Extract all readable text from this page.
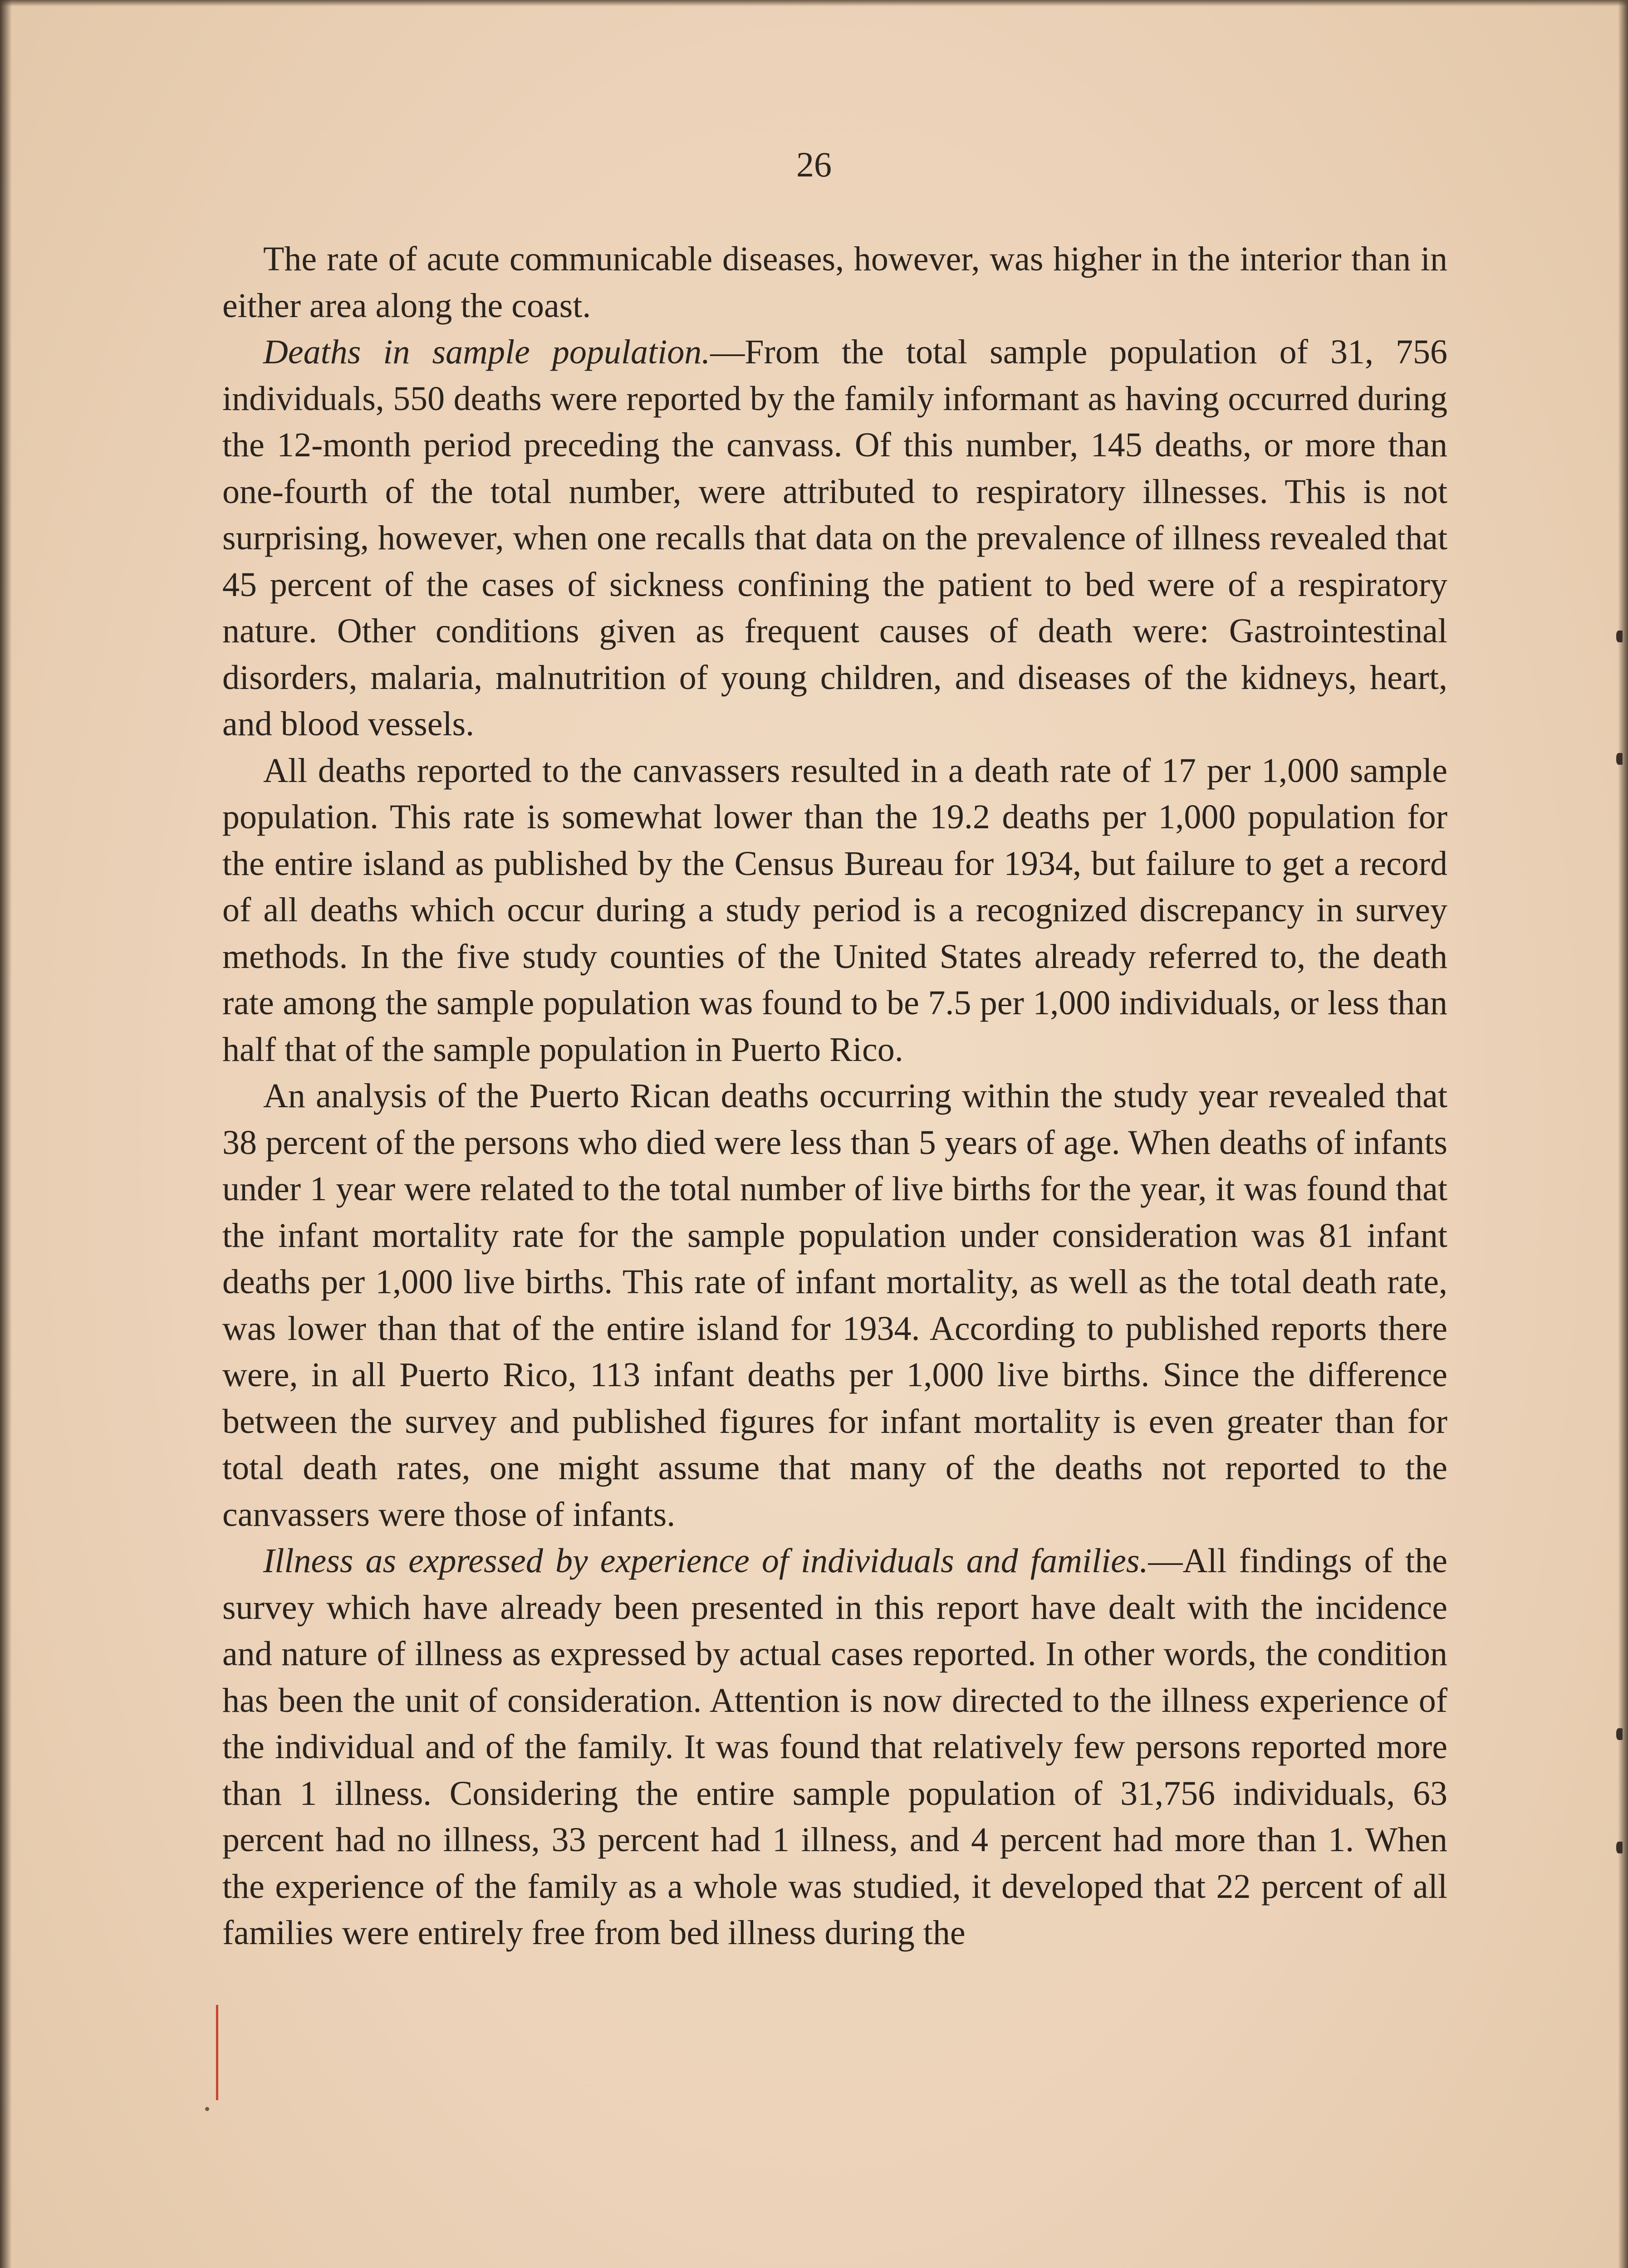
26

The rate of acute communicable diseases, however, was higher in the interior than in either area along the coast.

Deaths in sample population.—From the total sample population of 31, 756 individuals, 550 deaths were reported by the family informant as having occurred during the 12-month period preceding the canvass. Of this number, 145 deaths, or more than one-fourth of the total number, were attributed to respiratory illnesses. This is not surprising, however, when one recalls that data on the prevalence of illness revealed that 45 percent of the cases of sickness confining the patient to bed were of a respiratory nature. Other conditions given as frequent causes of death were: Gastrointestinal disorders, malaria, malnutrition of young children, and diseases of the kidneys, heart, and blood vessels.

All deaths reported to the canvassers resulted in a death rate of 17 per 1,000 sample population. This rate is somewhat lower than the 19.2 deaths per 1,000 population for the entire island as published by the Census Bureau for 1934, but failure to get a record of all deaths which occur during a study period is a recognized discrepancy in survey methods. In the five study counties of the United States already referred to, the death rate among the sample population was found to be 7.5 per 1,000 individuals, or less than half that of the sample population in Puerto Rico.

An analysis of the Puerto Rican deaths occurring within the study year revealed that 38 percent of the persons who died were less than 5 years of age. When deaths of infants under 1 year were related to the total number of live births for the year, it was found that the infant mortality rate for the sample population under consideration was 81 infant deaths per 1,000 live births. This rate of infant mortality, as well as the total death rate, was lower than that of the entire island for 1934. According to published reports there were, in all Puerto Rico, 113 infant deaths per 1,000 live births. Since the difference between the survey and published figures for infant mortality is even greater than for total death rates, one might assume that many of the deaths not reported to the canvassers were those of infants.

Illness as expressed by experience of individuals and families.—All findings of the survey which have already been presented in this report have dealt with the incidence and nature of illness as expressed by actual cases reported. In other words, the condition has been the unit of consideration. Attention is now directed to the illness experience of the individual and of the family. It was found that relatively few persons reported more than 1 illness. Considering the entire sample population of 31,756 individuals, 63 percent had no illness, 33 percent had 1 illness, and 4 percent had more than 1. When the experience of the family as a whole was studied, it developed that 22 percent of all families were entirely free from bed illness during the
